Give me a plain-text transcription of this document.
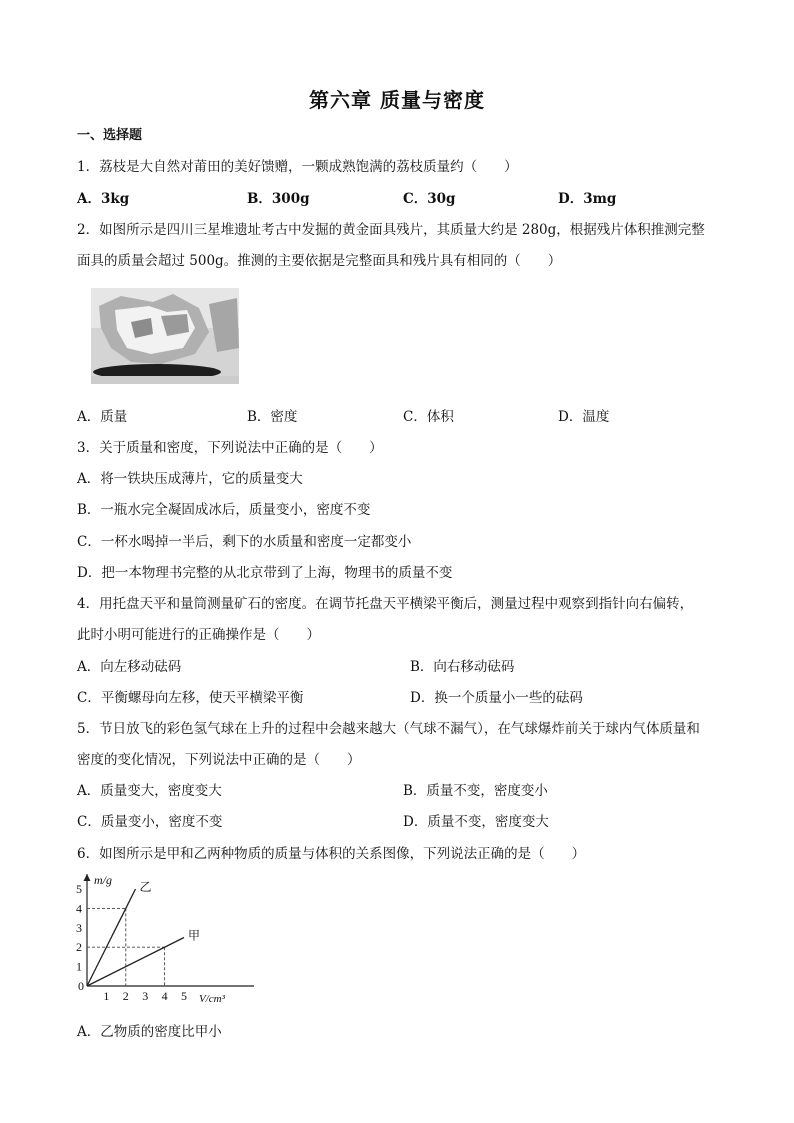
第六章 质量与密度
一、选择题
1．荔枝是大自然对莆田的美好馈赠，一颗成熟饱满的荔枝质量约（　　）
A．3kg	B．300g	C．30g	D．3mg
2．如图所示是四川三星堆遗址考古中发掘的黄金面具残片，其质量大约是 280g，根据残片体积推测完整
面具的质量会超过 500g。推测的主要依据是完整面具和残片具有相同的（　　）
A．质量	B．密度	C．体积	D．温度
3．关于质量和密度，下列说法中正确的是（　　）
A．将一铁块压成薄片，它的质量变大
B．一瓶水完全凝固成冰后，质量变小，密度不变
C．一杯水喝掉一半后，剩下的水质量和密度一定都变小
D．把一本物理书完整的从北京带到了上海，物理书的质量不变
4．用托盘天平和量筒测量矿石的密度。在调节托盘天平横梁平衡后，测量过程中观察到指针向右偏转，
此时小明可能进行的正确操作是（　　）
A．向左移动砝码	B．向右移动砝码
C．平衡螺母向左移，使天平横梁平衡	D．换一个质量小一些的砝码
5．节日放飞的彩色氢气球在上升的过程中会越来越大（气球不漏气），在气球爆炸前关于球内气体质量和
密度的变化情况，下列说法中正确的是（　　）
A．质量变大，密度变大	B．质量不变，密度变小
C．质量变小，密度不变	D．质量不变，密度变大
6．如图所示是甲和乙两种物质的质量与体积的关系图像，下列说法正确的是（　　）
m/g
V/cm³
0
1 2 3 4 5
1
2
3
4
5	乙
甲
A．乙物质的密度比甲小
